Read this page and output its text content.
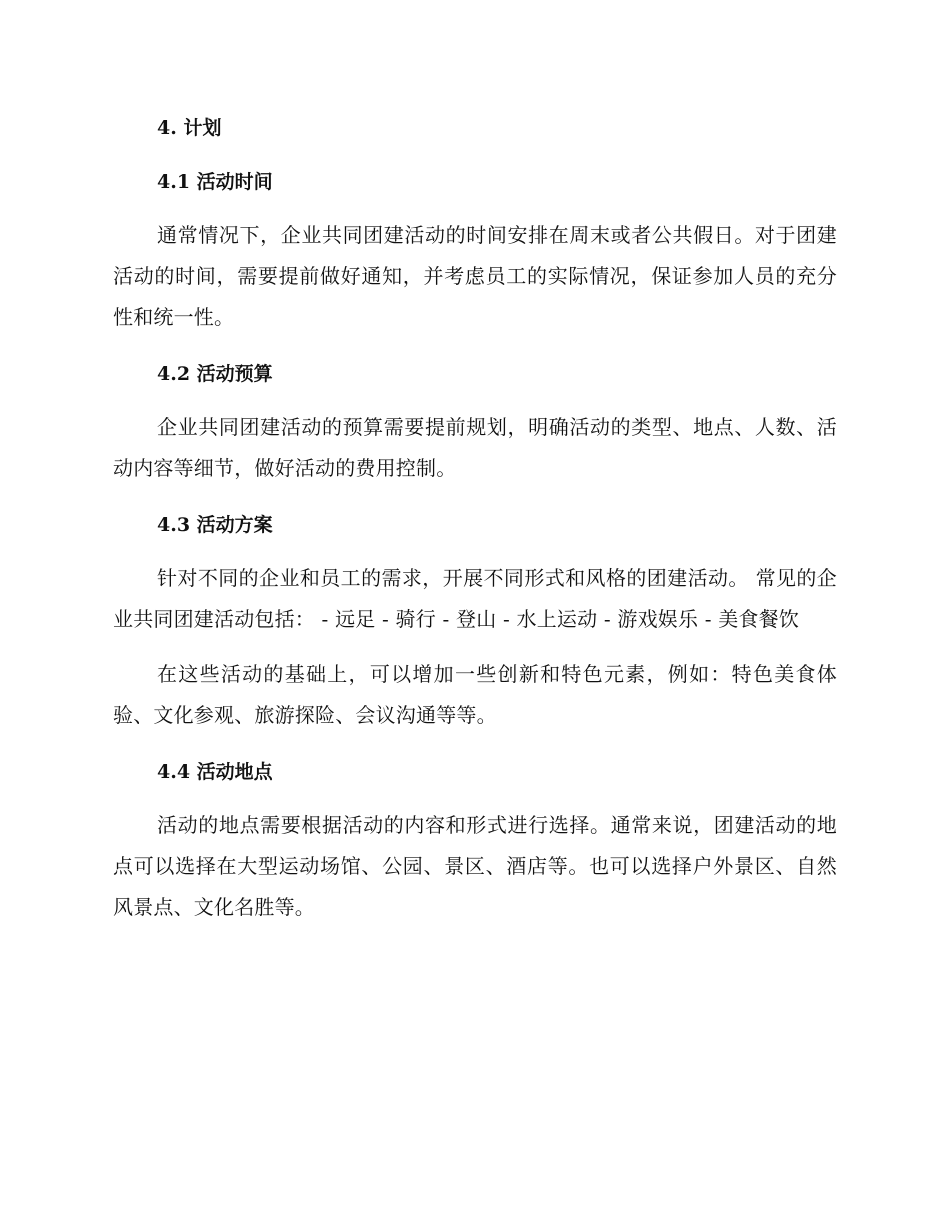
4. 计划
4.1 活动时间

通常情况下，企业共同团建活动的时间安排在周末或者公共假日。对于团建活动的时间，需要提前做好通知，并考虑员工的实际情况，保证参加人员的充分性和统一性。

4.2 活动预算

企业共同团建活动的预算需要提前规划，明确活动的类型、地点、人数、活动内容等细节，做好活动的费用控制。

4.3 活动方案

针对不同的企业和员工的需求，开展不同形式和风格的团建活动。 常见的企业共同团建活动包括： - 远足 - 骑行 - 登山 - 水上运动 - 游戏娱乐 - 美食餐饮

在这些活动的基础上，可以增加一些创新和特色元素，例如：特色美食体验、文化参观、旅游探险、会议沟通等等。

4.4 活动地点

活动的地点需要根据活动的内容和形式进行选择。通常来说，团建活动的地点可以选择在大型运动场馆、公园、景区、酒店等。也可以选择户外景区、自然风景点、文化名胜等。
